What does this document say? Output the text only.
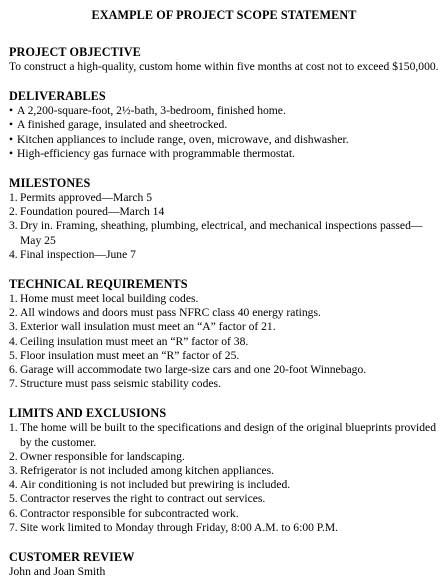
EXAMPLE OF PROJECT SCOPE STATEMENT
PROJECT OBJECTIVE

To construct a high-quality, custom home within five months at cost not to exceed $150,000.

DELIVERABLES
• A 2,200-square-foot, 2½-bath, 3-bedroom, finished home.
• A finished garage, insulated and sheetrocked.
• Kitchen appliances to include range, oven, microwave, and dishwasher.
• High-efficiency gas furnace with programmable thermostat.
MILESTONES
1. Permits approved—March 5
2. Foundation poured—March 14
3. Dry in. Framing, sheathing, plumbing, electrical, and mechanical inspections passed—May 25
4. Final inspection—June 7
TECHNICAL REQUIREMENTS
1. Home must meet local building codes.
2. All windows and doors must pass NFRC class 40 energy ratings.
3. Exterior wall insulation must meet an “A” factor of 21.
4. Ceiling insulation must meet an “R” factor of 38.
5. Floor insulation must meet an “R” factor of 25.
6. Garage will accommodate two large-size cars and one 20-foot Winnebago.
7. Structure must pass seismic stability codes.
LIMITS AND EXCLUSIONS
1. The home will be built to the specifications and design of the original blueprints provided by the customer.
2. Owner responsible for landscaping.
3. Refrigerator is not included among kitchen appliances.
4. Air conditioning is not included but prewiring is included.
5. Contractor reserves the right to contract out services.
6. Contractor responsible for subcontracted work.
7. Site work limited to Monday through Friday, 8:00 A.M. to 6:00 P.M.
CUSTOMER REVIEW

John and Joan Smith
